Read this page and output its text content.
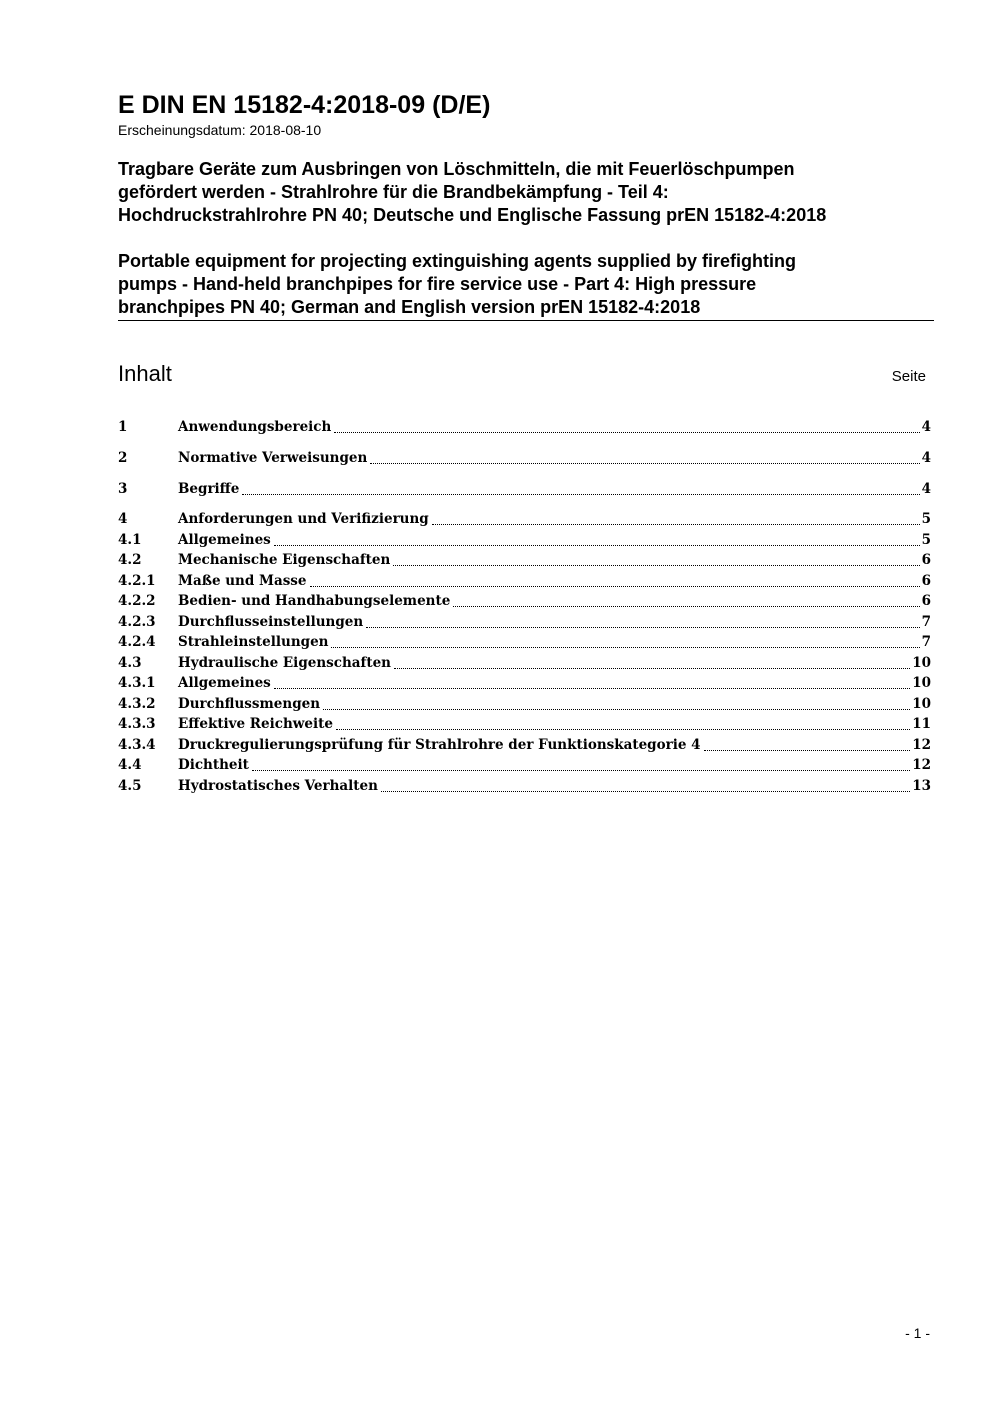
E DIN EN 15182-4:2018-09 (D/E)
Erscheinungsdatum: 2018-08-10
Tragbare Geräte zum Ausbringen von Löschmitteln, die mit Feuerlöschpumpen
gefördert werden - Strahlrohre für die Brandbekämpfung - Teil 4:
Hochdruckstrahlrohre PN 40; Deutsche und Englische Fassung prEN 15182-4:2018
Portable equipment for projecting extinguishing agents supplied by firefighting
pumps - Hand-held branchpipes for fire service use - Part 4: High pressure
branchpipes PN 40; German and English version prEN 15182-4:2018
Inhalt	Seite
1	Anwendungsbereich	4
2	Normative Verweisungen	4
3	Begriffe	4
4	Anforderungen und Verifizierung	5
4.1	Allgemeines	5
4.2	Mechanische Eigenschaften	6
4.2.1	Maße und Masse	6
4.2.2	Bedien- und Handhabungselemente	6
4.2.3	Durchflusseinstellungen	7
4.2.4	Strahleinstellungen	7
4.3	Hydraulische Eigenschaften	10
4.3.1	Allgemeines	10
4.3.2	Durchflussmengen	10
4.3.3	Effektive Reichweite	11
4.3.4	Druckregulierungsprüfung für Strahlrohre der Funktionskategorie 4	12
4.4	Dichtheit	12
4.5	Hydrostatisches Verhalten	13
- 1 -
